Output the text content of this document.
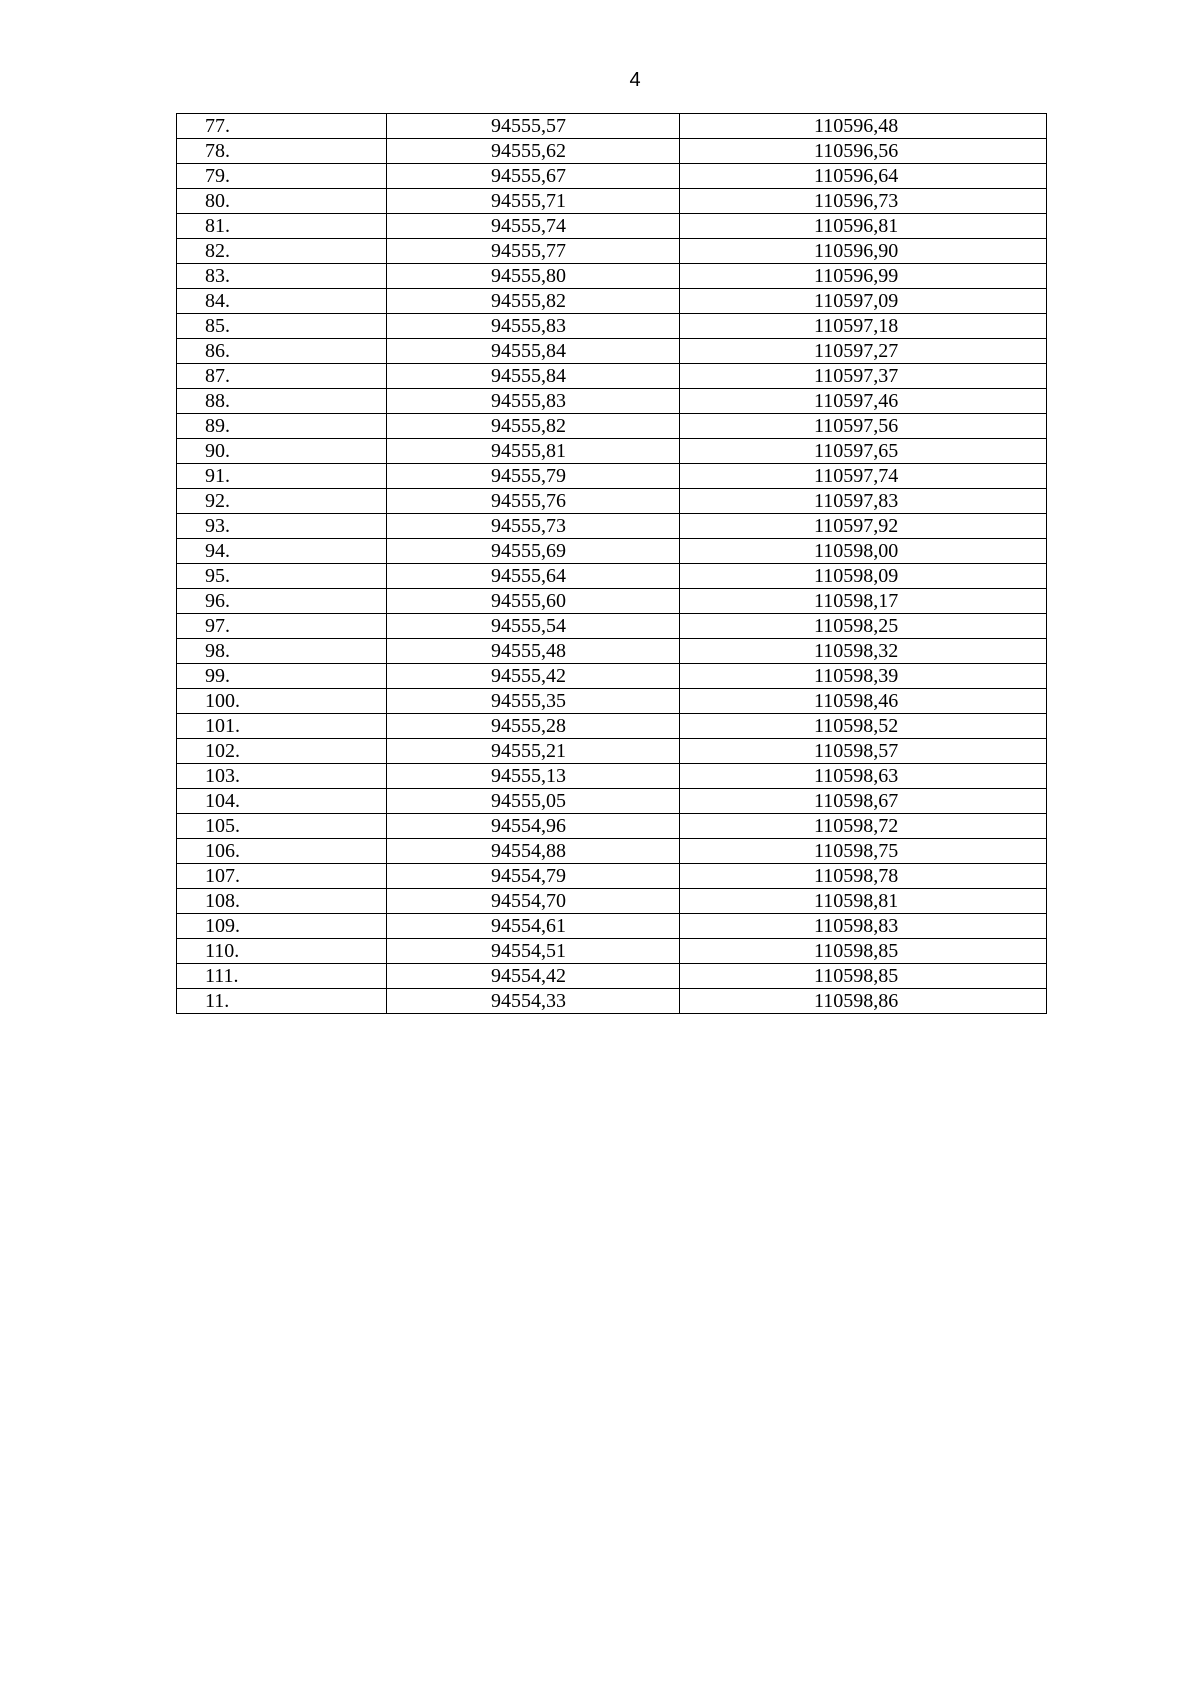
4
77.	94555,57	110596,48
78.	94555,62	110596,56
79.	94555,67	110596,64
80.	94555,71	110596,73
81.	94555,74	110596,81
82.	94555,77	110596,90
83.	94555,80	110596,99
84.	94555,82	110597,09
85.	94555,83	110597,18
86.	94555,84	110597,27
87.	94555,84	110597,37
88.	94555,83	110597,46
89.	94555,82	110597,56
90.	94555,81	110597,65
91.	94555,79	110597,74
92.	94555,76	110597,83
93.	94555,73	110597,92
94.	94555,69	110598,00
95.	94555,64	110598,09
96.	94555,60	110598,17
97.	94555,54	110598,25
98.	94555,48	110598,32
99.	94555,42	110598,39
100.	94555,35	110598,46
101.	94555,28	110598,52
102.	94555,21	110598,57
103.	94555,13	110598,63
104.	94555,05	110598,67
105.	94554,96	110598,72
106.	94554,88	110598,75
107.	94554,79	110598,78
108.	94554,70	110598,81
109.	94554,61	110598,83
110.	94554,51	110598,85
111.	94554,42	110598,85
11.	94554,33	110598,86
